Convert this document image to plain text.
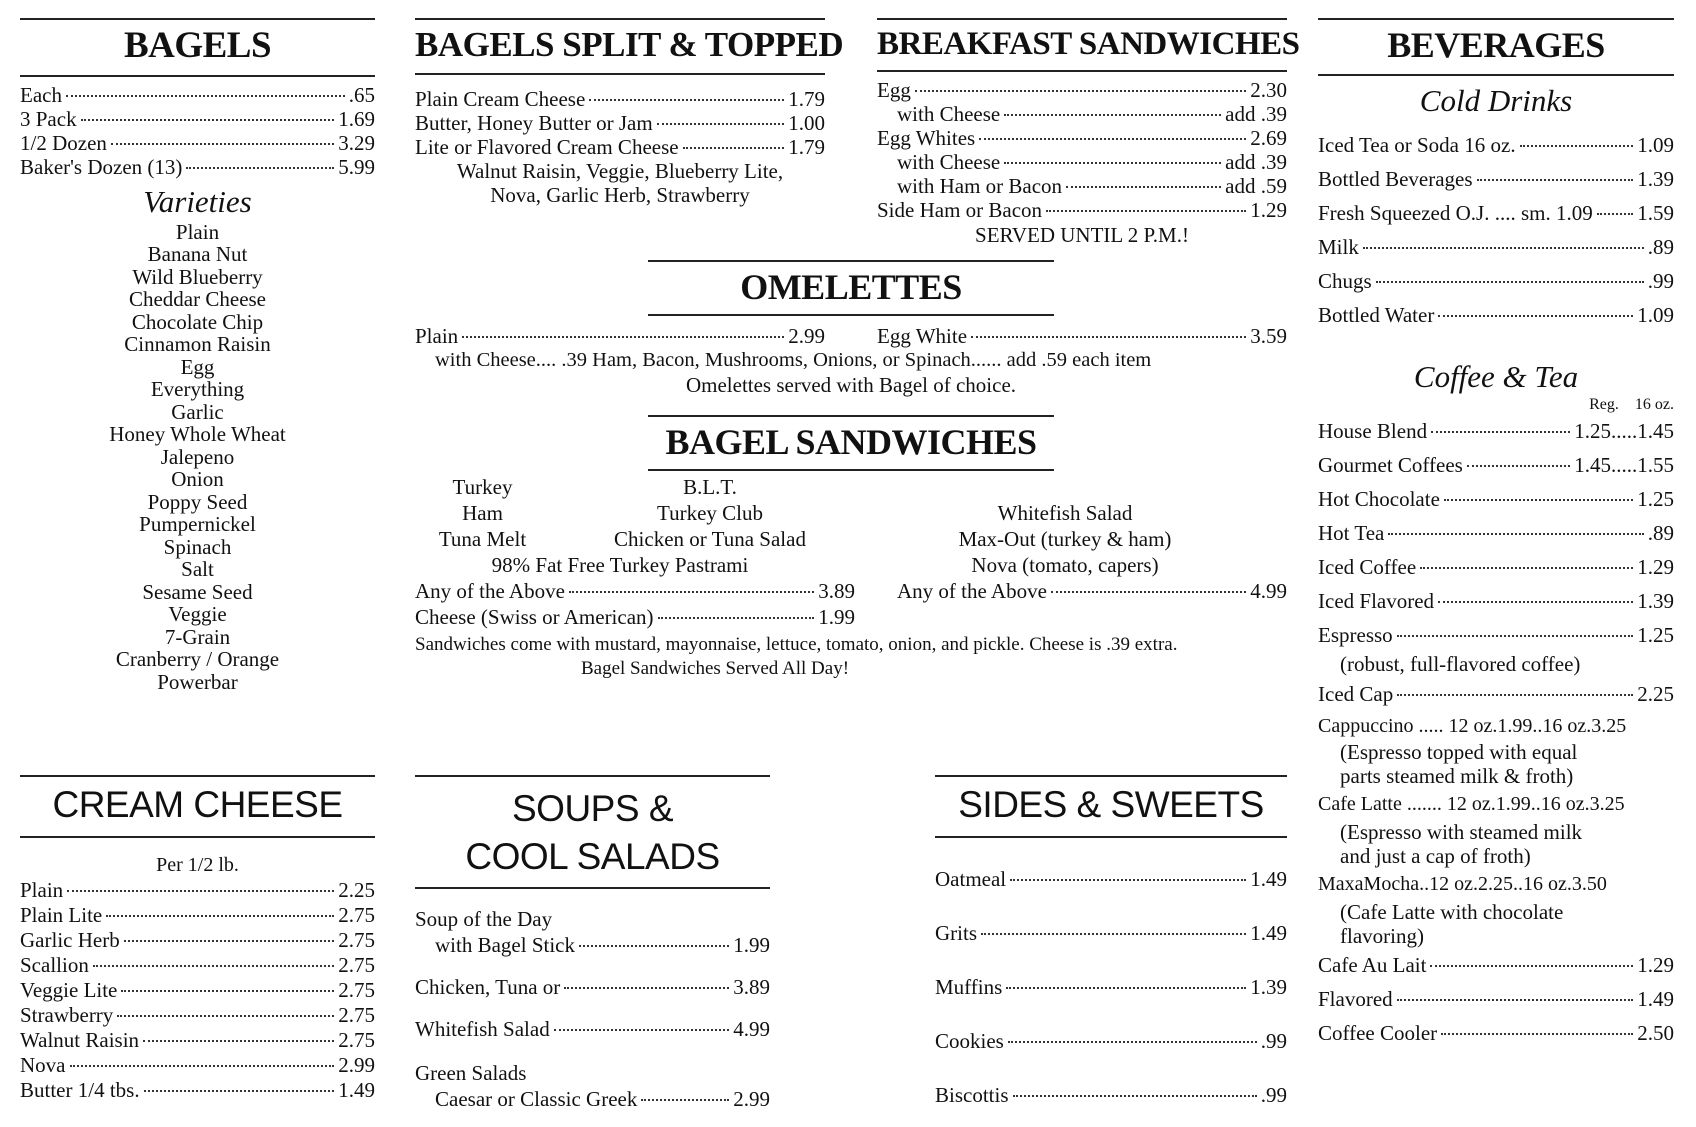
BAGELS
Each	.65
3 Pack	1.69
1/2 Dozen	3.29
Baker's Dozen (13)	5.99
Varieties
Plain
Banana Nut
Wild Blueberry
Cheddar Cheese
Chocolate Chip
Cinnamon Raisin
Egg
Everything
Garlic
Honey Whole Wheat
Jalepeno
Onion
Poppy Seed
Pumpernickel
Spinach
Salt
Sesame Seed
Veggie
7-Grain
Cranberry / Orange
Powerbar
BAGELS SPLIT & TOPPED
Plain Cream Cheese	1.79
Butter, Honey Butter or Jam	1.00
Lite or Flavored Cream Cheese	1.79
Walnut Raisin, Veggie, Blueberry Lite,
Nova, Garlic Herb, Strawberry
BREAKFAST SANDWICHES
Egg	2.30
with Cheese	add .39
Egg Whites	2.69
with Cheese	add .39
with Ham or Bacon	add .59
Side Ham or Bacon	1.29
SERVED UNTIL 2 P.M.!
OMELETTES
Plain	2.99 Egg White	3.59
with Cheese.... .39 Ham, Bacon, Mushrooms, Onions, or Spinach...... add .59 each item
Omelettes served with Bagel of choice.
BAGEL SANDWICHES
Turkey	B.L.T.
Ham	Turkey Club
Tuna Melt	Chicken or Tuna Salad
98% Fat Free Turkey Pastrami
Whitefish Salad
Max-Out (turkey & ham)
Nova (tomato, capers)
Any of the Above	3.89 Any of the Above	4.99
Cheese (Swiss or American)	1.99
Sandwiches come with mustard, mayonnaise, lettuce, tomato, onion, and pickle. Cheese is .39 extra.
Bagel Sandwiches Served All Day!
BEVERAGES
Cold Drinks
Iced Tea or Soda 16 oz.	1.09
Bottled Beverages	1.39
Fresh Squeezed O.J. .... sm. 1.09 1.59
Milk	.89
Chugs	.99
Bottled Water	1.09
Coffee & Tea
Reg. 16 oz.
House Blend	1.25.....1.45
Gourmet Coffees	1.45.....1.55
Hot Chocolate	1.25
Hot Tea	.89
Iced Coffee	1.29
Iced Flavored	1.39
Espresso	1.25
(robust, full-flavored coffee)
Iced Cap	2.25
Cappuccino ..... 12 oz.1.99..16 oz.3.25
(Espresso topped with equal
parts steamed milk & froth)
Cafe Latte ....... 12 oz.1.99..16 oz.3.25
(Espresso with steamed milk
and just a cap of froth)
MaxaMocha..12 oz.2.25..16 oz.3.50
(Cafe Latte with chocolate
flavoring)
Cafe Au Lait	1.29
Flavored	1.49
Coffee Cooler	2.50
CREAM CHEESE
Per 1/2 lb.
Plain	2.25
Plain Lite	2.75
Garlic Herb	2.75
Scallion	2.75
Veggie Lite	2.75
Strawberry	2.75
Walnut Raisin	2.75
Nova	2.99
Butter 1/4 tbs.	1.49
SOUPS &
COOL SALADS
Soup of the Day
with Bagel Stick	1.99
Chicken, Tuna or	3.89
Whitefish Salad	4.99
Green Salads
Caesar or Classic Greek	2.99
SIDES & SWEETS
Oatmeal	1.49
Grits	1.49
Muffins	1.39
Cookies	.99
Biscottis	.99
